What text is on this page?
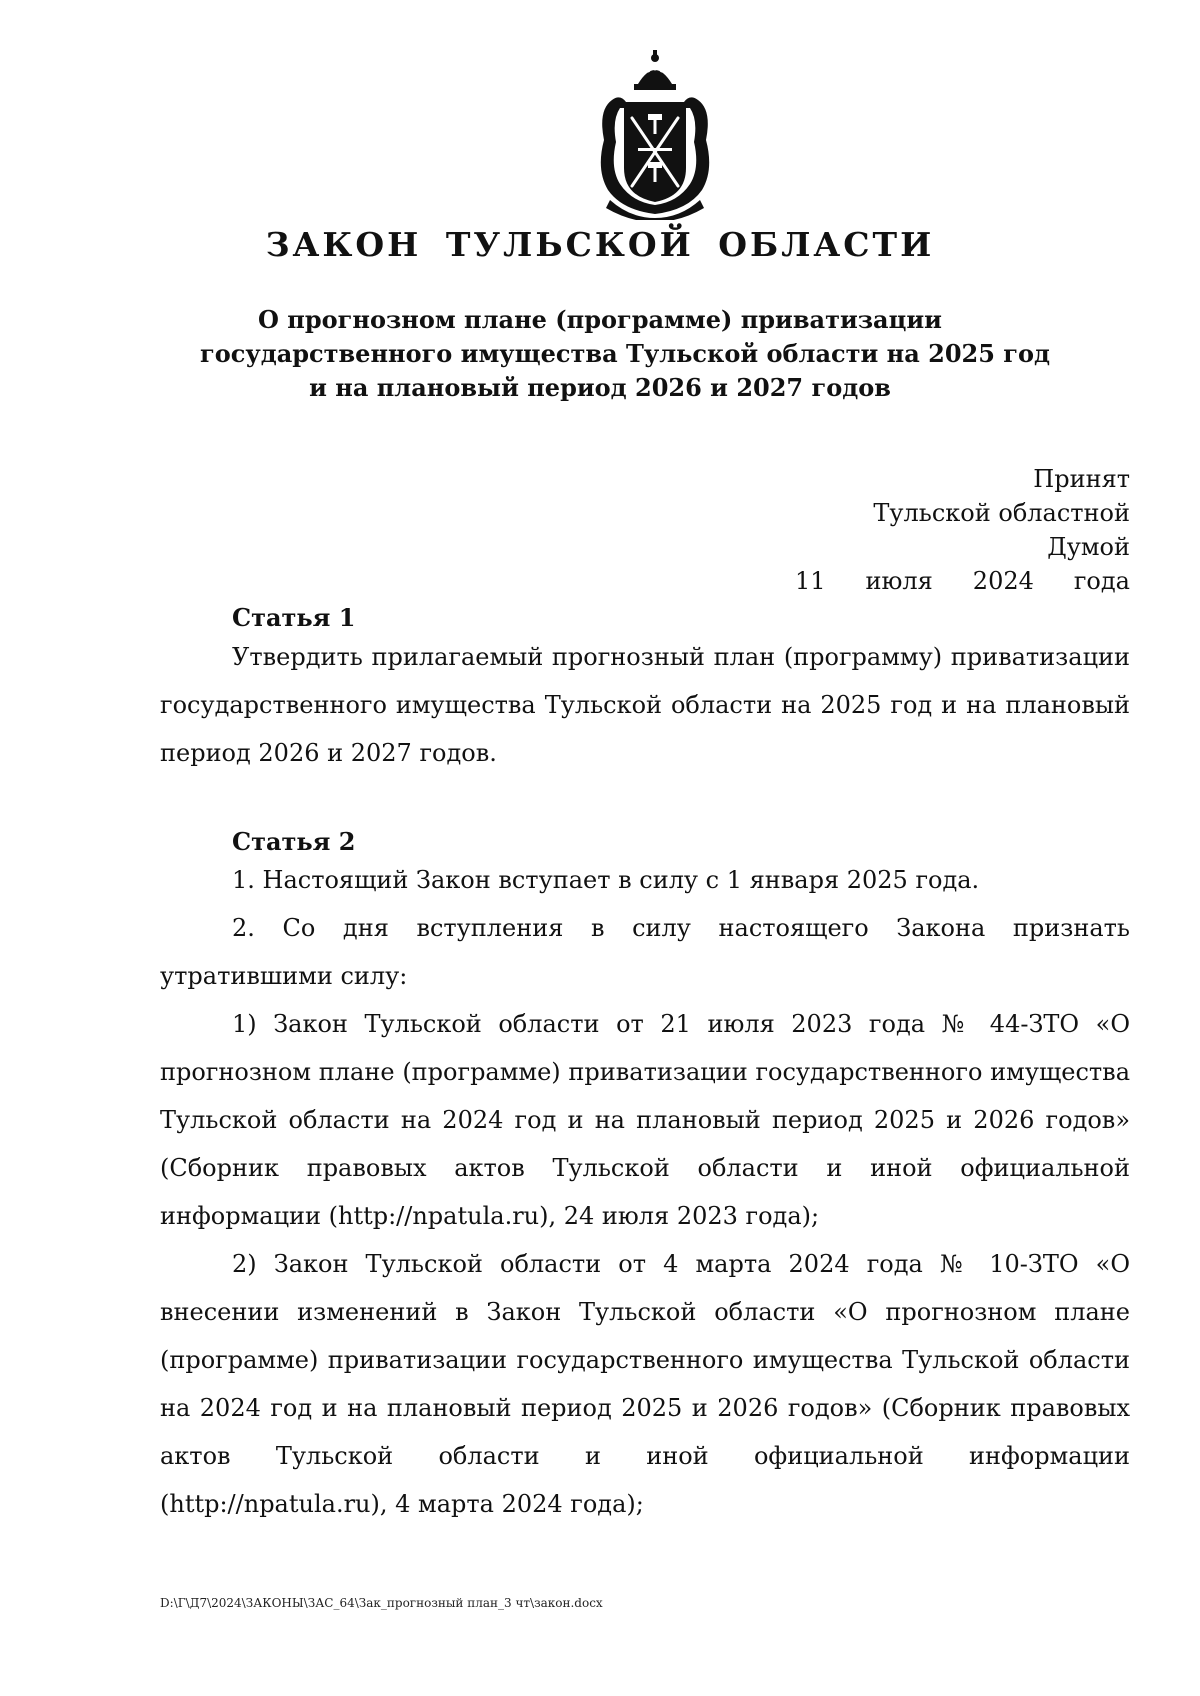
ЗАКОН ТУЛЬСКОЙ ОБЛАСТИ
О прогнозном плане (программе) приватизации
государственного имущества Тульской области на 2025 год
и на плановый период 2026 и 2027 годов
Принят
Тульской областной Думой
11 июля 2024 года
Статья 1

Утвердить прилагаемый прогнозный план (программу) приватизации государственного имущества Тульской области на 2025 год и на плановый период 2026 и 2027 годов.

Статья 2

1. Настоящий Закон вступает в силу с 1 января 2025 года.

2. Со дня вступления в силу настоящего Закона признать утратившими силу:

1) Закон Тульской области от 21 июля 2023 года № 44-ЗТО «О прогнозном плане (программе) приватизации государственного имущества Тульской области на 2024 год и на плановый период 2025 и 2026 годов» (Сборник правовых актов Тульской области и иной официальной информации (http://npatula.ru), 24 июля 2023 года);

2) Закон Тульской области от 4 марта 2024 года № 10-ЗТО «О внесении изменений в Закон Тульской области «О прогнозном плане (программе) приватизации государственного имущества Тульской области на 2024 год и на плановый период 2025 и 2026 годов» (Сборник правовых актов Тульской области и иной официальной информации (http://npatula.ru), 4 марта 2024 года);

D:\Г\Д7\2024\ЗАКОНЫ\ЗАС_64\Зак_прогнозный план_3 чт\закон.docx
